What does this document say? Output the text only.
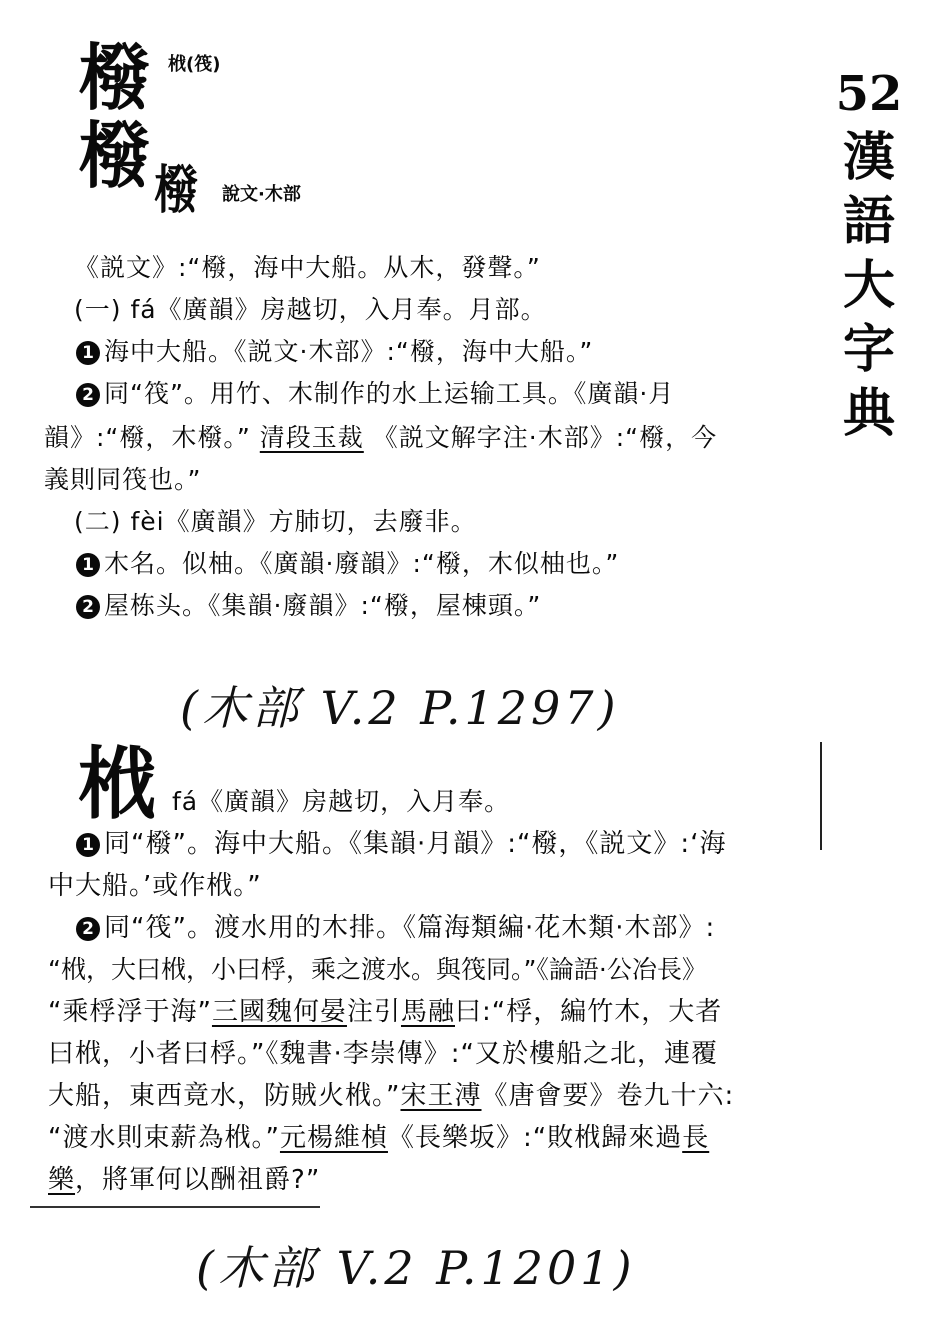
52
漢
語
大
字
典
橃 栰(筏)
橃 橃 說文·木部
《説文》:“橃，海中大船。从木，發聲。”
(一) fá《廣韻》房越切，入月奉。月部。
1 海中大船。《説文·木部》:“橃，海中大船。”
2 同“筏”。用竹、木制作的水上运输工具。《廣韻·月
韻》:“橃，木橃。” 清段玉裁 《説文解字注·木部》:“橃，今
義則同筏也。”
(二) fèi《廣韻》方肺切，去廢非。
1 木名。似柚。《廣韻·廢韻》:“橃，木似柚也。”
2 屋栋头。《集韻·廢韻》:“橃，屋棟頭。”
(木部 V.2 P.1297)
栰 fá《廣韻》房越切，入月奉。
1 同“橃”。海中大船。《集韻·月韻》:“橃，《説文》:‘海
中大船。’或作栰。”
2 同“筏”。渡水用的木排。《篇海類編·花木類·木部》:
“栰，大曰栰，小曰桴，乘之渡水。與筏同。”《論語·公冶長》
“乘桴浮于海”三國魏何晏注引馬融曰:“桴，編竹木，大者
曰栰，小者曰桴。”《魏書·李崇傳》:“又於樓船之北，連覆
大船，東西竟水，防賊火栰。”宋王溥《唐會要》卷九十六:
“渡水則束薪為栰。”元楊維楨《長樂坂》:“敗栰歸來過長
樂，將軍何以酬祖爵?”
(木部 V.2 P.1201)
